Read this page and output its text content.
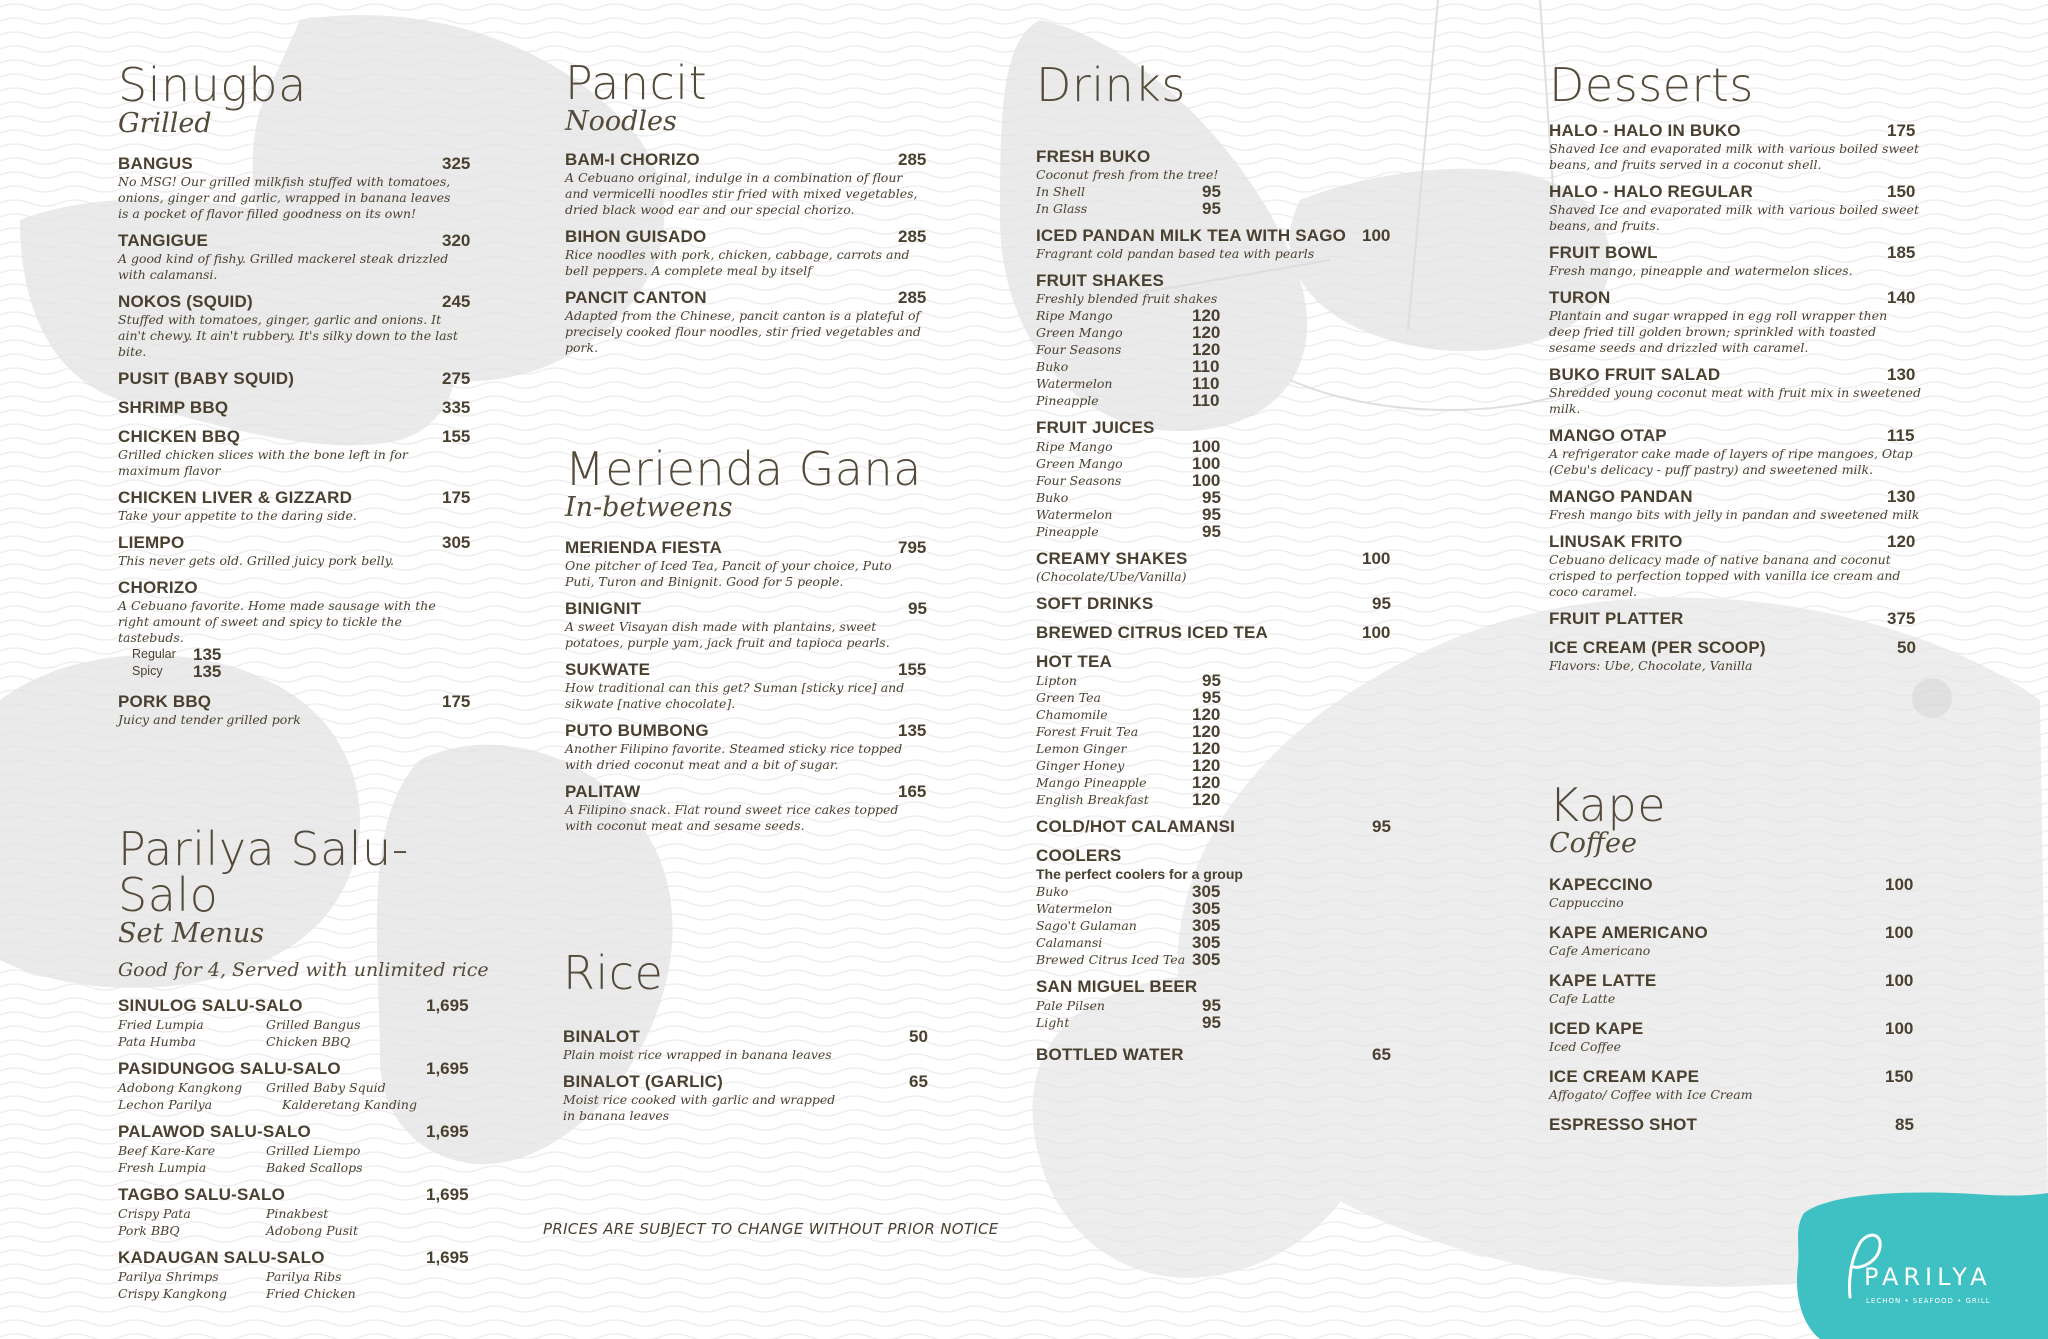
Sinugba
Grilled
BANGUS	325
No MSG! Our grilled milkfish stuffed with tomatoes, onions, ginger and garlic, wrapped in banana leaves is a pocket of flavor filled goodness on its own!
TANGIGUE	320
A good kind of fishy. Grilled mackerel steak drizzled with calamansi.
NOKOS (SQUID)	245
Stuffed with tomatoes, ginger, garlic and onions. It ain't chewy. It ain't rubbery. It's silky down to the last bite.
PUSIT (BABY SQUID)	275
SHRIMP BBQ	335
CHICKEN BBQ	155
Grilled chicken slices with the bone left in for maximum flavor
CHICKEN LIVER & GIZZARD	175
Take your appetite to the daring side.
LIEMPO	305
This never gets old. Grilled juicy pork belly.
CHORIZO
A Cebuano favorite. Home made sausage with the right amount of sweet and spicy to tickle the tastebuds.
Regular 135
Spicy 135
PORK BBQ	175
Juicy and tender grilled pork
Parilya Salu-Salo
Set Menus
Good for 4, Served with unlimited rice
SINULOG SALU-SALO	1,695
Fried Lumpia	Grilled Bangus
Pata Humba	Chicken BBQ
PASIDUNGOG SALU-SALO	1,695
Adobong Kangkong	Grilled Baby Squid
Lechon Parilya	Kalderetang Kanding
PALAWOD SALU-SALO	1,695
Beef Kare-Kare	Grilled Liempo
Fresh Lumpia	Baked Scallops
TAGBO SALU-SALO	1,695
Crispy Pata	Pinakbest
Pork BBQ	Adobong Pusit
KADAUGAN SALU-SALO	1,695
Parilya Shrimps	Parilya Ribs
Crispy Kangkong	Fried Chicken
Pancit
Noodles
BAM-I CHORIZO	285
A Cebuano original, indulge in a combination of flour and vermicelli noodles stir fried with mixed vegetables, dried black wood ear and our special chorizo.
BIHON GUISADO	285
Rice noodles with pork, chicken, cabbage, carrots and bell peppers. A complete meal by itself
PANCIT CANTON	285
Adapted from the Chinese, pancit canton is a plateful of precisely cooked flour noodles, stir fried vegetables and pork.
Merienda Gana
In-betweens
MERIENDA FIESTA	795
One pitcher of Iced Tea, Pancit of your choice, Puto Puti, Turon and Binignit. Good for 5 people.
BINIGNIT	95
A sweet Visayan dish made with plantains, sweet potatoes, purple yam, jack fruit and tapioca pearls.
SUKWATE	155
How traditional can this get? Suman [sticky rice] and sikwate [native chocolate].
PUTO BUMBONG	135
Another Filipino favorite. Steamed sticky rice topped with dried coconut meat and a bit of sugar.
PALITAW	165
A Filipino snack. Flat round sweet rice cakes topped with coconut meat and sesame seeds.
Rice
BINALOT	50
Plain moist rice wrapped in banana leaves
BINALOT (GARLIC)	65
Moist rice cooked with garlic and wrapped in banana leaves
PRICES ARE SUBJECT TO CHANGE WITHOUT PRIOR NOTICE
Drinks
FRESH BUKO
Coconut fresh from the tree!
In Shell	95
In Glass	95
ICED PANDAN MILK TEA WITH SAGO 100
Fragrant cold pandan based tea with pearls
FRUIT SHAKES
Freshly blended fruit shakes
Ripe Mango	120
Green Mango	120
Four Seasons	120
Buko	110
Watermelon	110
Pineapple	110
FRUIT JUICES
Ripe Mango	100
Green Mango	100
Four Seasons	100
Buko	95
Watermelon	95
Pineapple	95
CREAMY SHAKES	100
(Chocolate/Ube/Vanilla)
SOFT DRINKS	95
BREWED CITRUS ICED TEA	100
HOT TEA
Lipton	95
Green Tea	95
Chamomile	120
Forest Fruit Tea	120
Lemon Ginger	120
Ginger Honey	120
Mango Pineapple	120
English Breakfast	120
COLD/HOT CALAMANSI	95
COOLERS
The perfect coolers for a group
Buko	305
Watermelon	305
Sago't Gulaman	305
Calamansi	305
Brewed Citrus Iced Tea 305
SAN MIGUEL BEER
Pale Pilsen	95
Light	95
BOTTLED WATER	65
Desserts
HALO - HALO IN BUKO	175
Shaved Ice and evaporated milk with various boiled sweet beans, and fruits served in a coconut shell.
HALO - HALO REGULAR	150
Shaved Ice and evaporated milk with various boiled sweet beans, and fruits.
FRUIT BOWL	185
Fresh mango, pineapple and watermelon slices.
TURON	140
Plantain and sugar wrapped in egg roll wrapper then deep fried till golden brown; sprinkled with toasted sesame seeds and drizzled with caramel.
BUKO FRUIT SALAD	130
Shredded young coconut meat with fruit mix in sweetened milk.
MANGO OTAP	115
A refrigerator cake made of layers of ripe mangoes, Otap (Cebu's delicacy - puff pastry) and sweetened milk.
MANGO PANDAN	130
Fresh mango bits with jelly in pandan and sweetened milk
LINUSAK FRITO	120
Cebuano delicacy made of native banana and coconut crisped to perfection topped with vanilla ice cream and coco caramel.
FRUIT PLATTER	375
ICE CREAM (PER SCOOP)	50
Flavors: Ube, Chocolate, Vanilla
Kape
Coffee
KAPECCINO	100
Cappuccino
KAPE AMERICANO	100
Cafe Americano
KAPE LATTE	100
Cafe Latte
ICED KAPE	100
Iced Coffee
ICE CREAM KAPE	150
Affogato/ Coffee with Ice Cream
ESPRESSO SHOT	85
PARILYA
LECHON • SEAFOOD • GRILL
